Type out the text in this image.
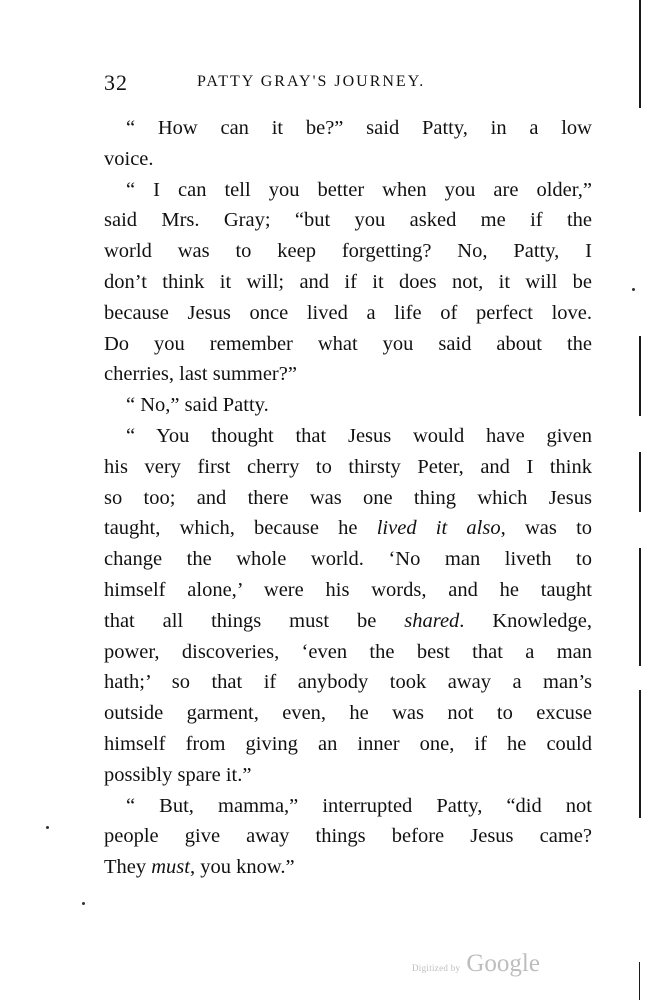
32	PATTY GRAY'S JOURNEY.
“ How can it be?” said Patty, in a low
voice.
“ I can tell you better when you are older,”
said Mrs. Gray; “but you asked me if the
world was to keep forgetting? No, Patty, I
don’t think it will; and if it does not, it will be
because Jesus once lived a life of perfect love.
Do you remember what you said about the
cherries, last summer?”
“ No,” said Patty.
“ You thought that Jesus would have given
his very first cherry to thirsty Peter, and I think
so too; and there was one thing which Jesus
taught, which, because he lived it also, was to
change the whole world. ‘No man liveth to
himself alone,’ were his words, and he taught
that all things must be shared. Knowledge,
power, discoveries, ‘even the best that a man
hath;’ so that if anybody took away a man’s
outside garment, even, he was not to excuse
himself from giving an inner one, if he could
possibly spare it.”
“ But, mamma,” interrupted Patty, “did not
people give away things before Jesus came?
They must, you know.”
Digitized by Google
